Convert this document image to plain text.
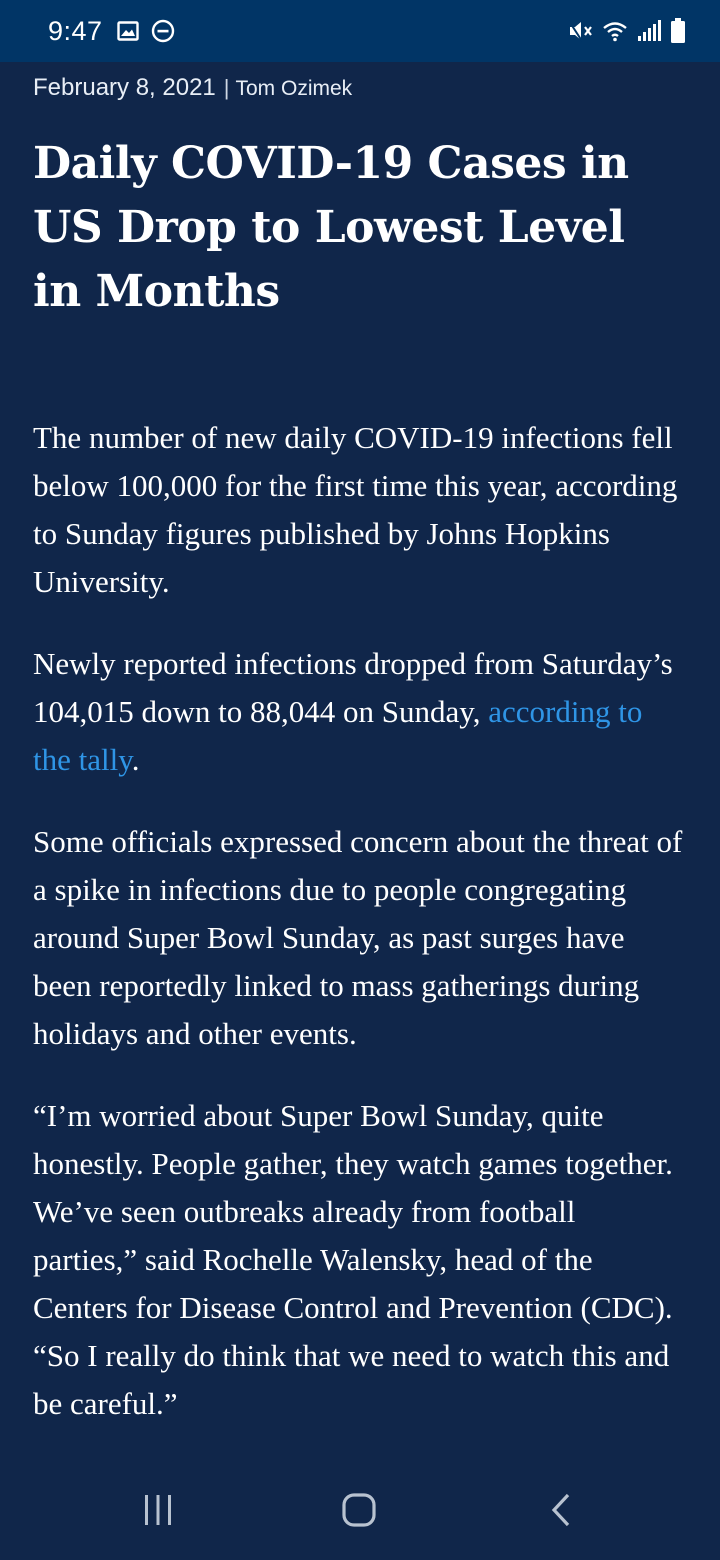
9:47
February 8, 2021 | Tom Ozimek
Daily COVID-19 Cases in US Drop to Lowest Level in Months

The number of new daily COVID-19 infections fell below 100,000 for the first time this year, according to Sunday figures published by Johns Hopkins University.

Newly reported infections dropped from Saturday’s 104,015 down to 88,044 on Sunday, according to the tally.

Some officials expressed concern about the threat of a spike in infections due to people congregating around Super Bowl Sunday, as past surges have been reportedly linked to mass gatherings during holidays and other events.

“I’m worried about Super Bowl Sunday, quite honestly. People gather, they watch games together. We’ve seen outbreaks already from football parties,” said Rochelle Walensky, head of the Centers for Disease Control and Prevention (CDC). “So I really do think that we need to watch this and be careful.”
